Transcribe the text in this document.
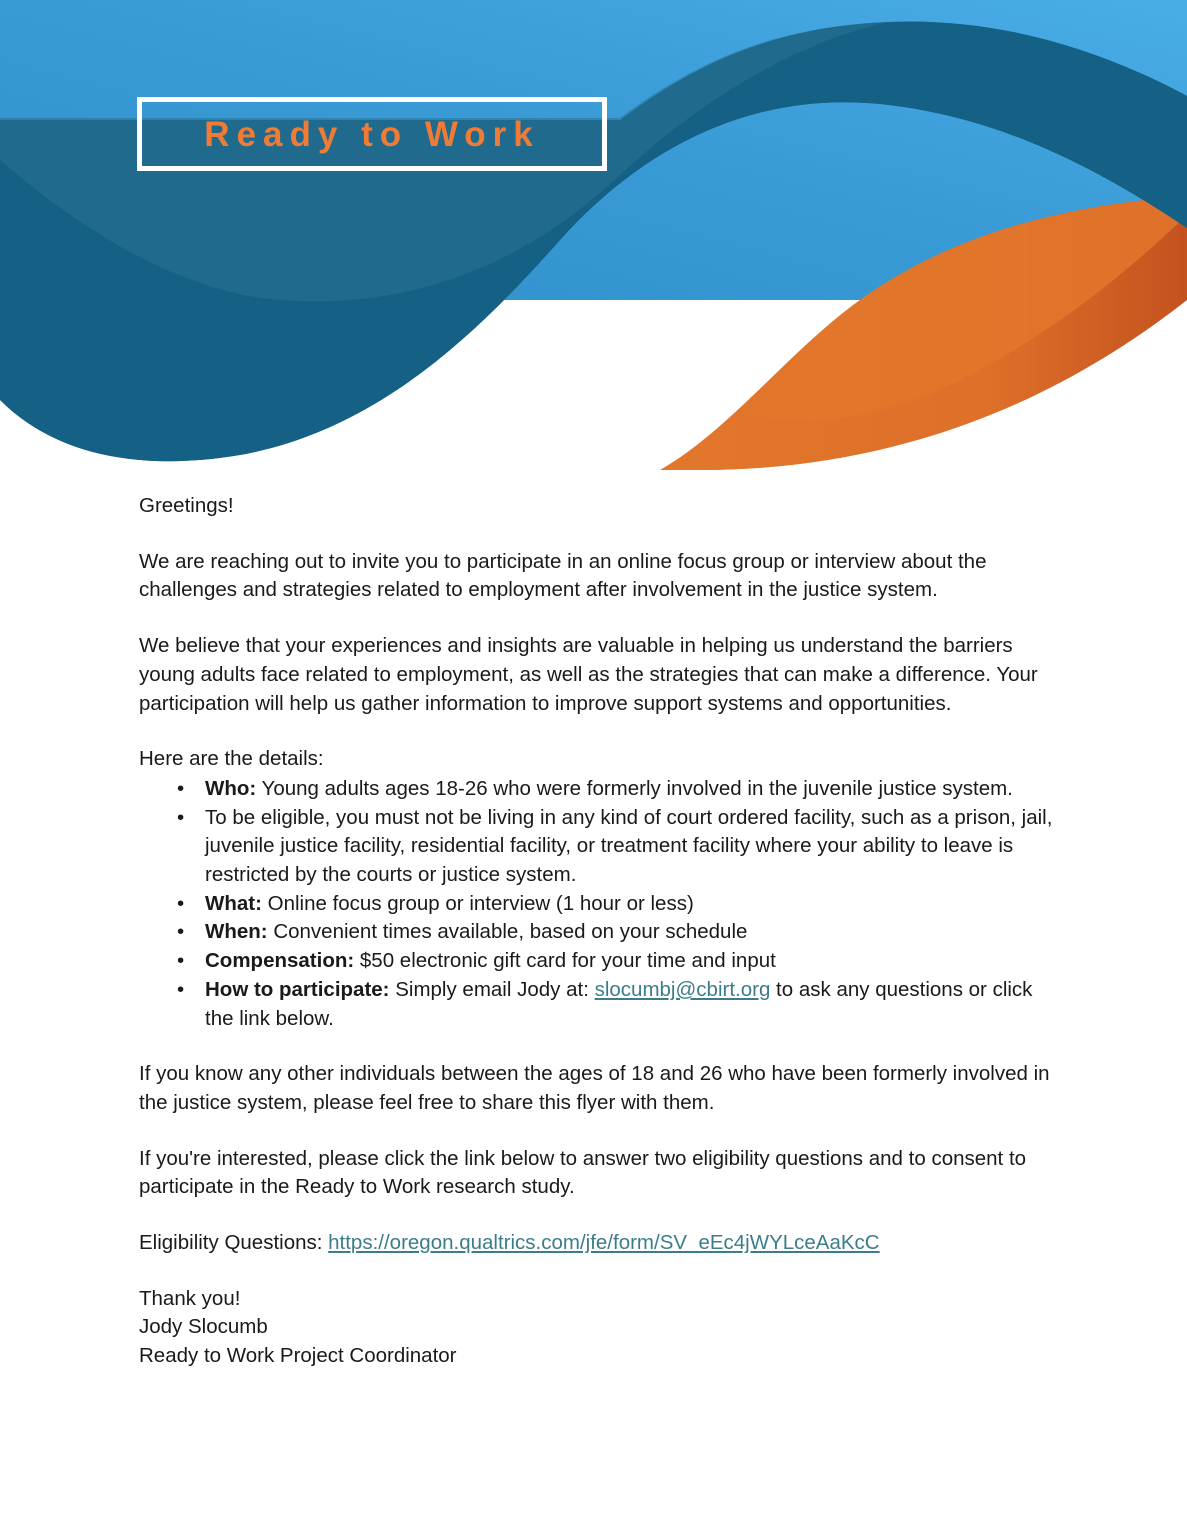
Ready to Work

Greetings!

We are reaching out to invite you to participate in an online focus group or interview about the challenges and strategies related to employment after involvement in the justice system.

We believe that your experiences and insights are valuable in helping us understand the barriers young adults face related to employment, as well as the strategies that can make a difference. Your participation will help us gather information to improve support systems and opportunities.

Here are the details:

• Who: Young adults ages 18-26 who were formerly involved in the juvenile justice system.
• To be eligible, you must not be living in any kind of court ordered facility, such as a prison, jail, juvenile justice facility, residential facility, or treatment facility where your ability to leave is restricted by the courts or justice system.
• What: Online focus group or interview (1 hour or less)
• When: Convenient times available, based on your schedule
• Compensation: $50 electronic gift card for your time and input
• How to participate: Simply email Jody at: slocumbj@cbirt.org to ask any questions or click the link below.

If you know any other individuals between the ages of 18 and 26 who have been formerly involved in the justice system, please feel free to share this flyer with them.

If you're interested, please click the link below to answer two eligibility questions and to consent to participate in the Ready to Work research study.

Eligibility Questions: https://oregon.qualtrics.com/jfe/form/SV_eEc4jWYLceAaKcC

Thank you!

Jody Slocumb

Ready to Work Project Coordinator
